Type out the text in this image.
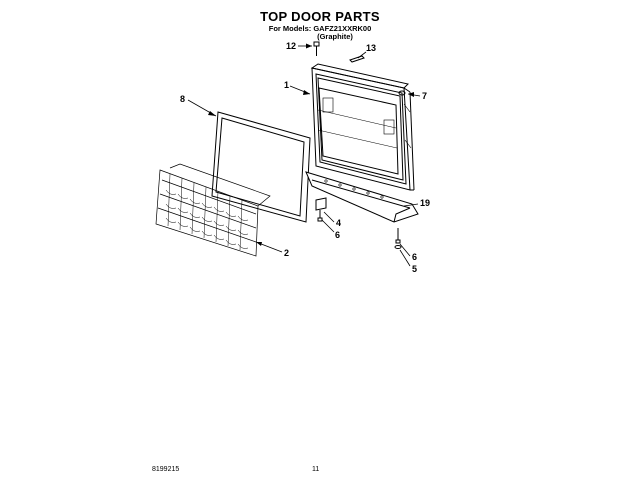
TOP DOOR PARTS
For Models: GAFZ21XXRK00
(Graphite)
12	13
1
7
8
19
4
6
2	6
5
8199215	11
